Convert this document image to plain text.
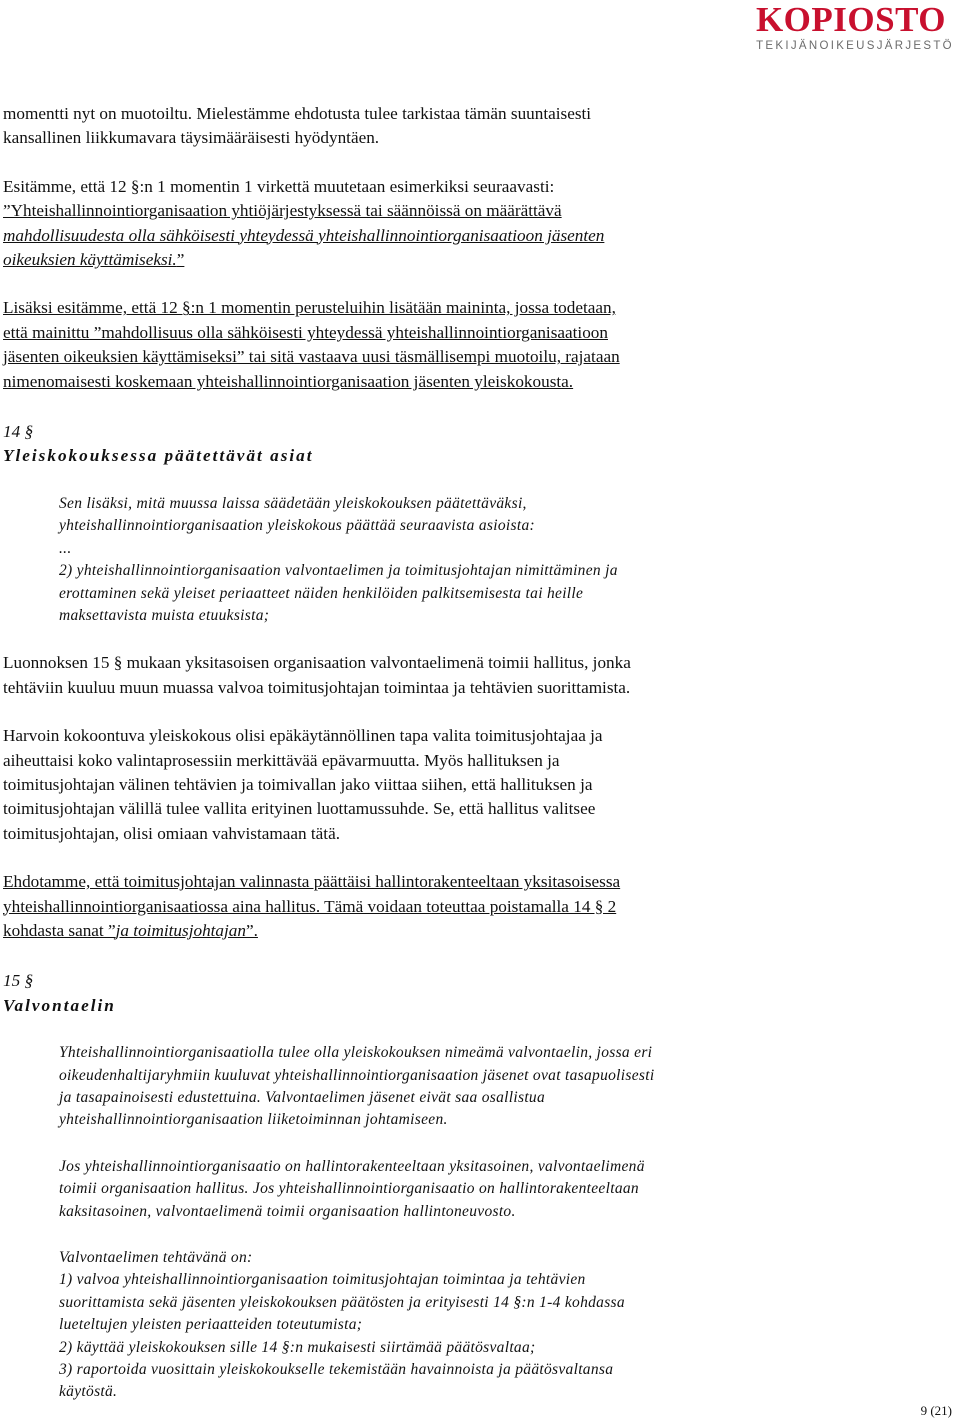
KOPIOSTO
TEKIJÄNOIKEUSJÄRJESTÖ

momentti nyt on muotoiltu. Mielestämme ehdotusta tulee tarkistaa tämän suuntaisesti

kansallinen liikkumavara täysimääräisesti hyödyntäen.

Esitämme, että 12 §:n 1 momentin 1 virkettä muutetaan esimerkiksi seuraavasti:

”Yhteishallinnointiorganisaation yhtiöjärjestyksessä tai säännöissä on määrättävä

mahdollisuudesta olla sähköisesti yhteydessä yhteishallinnointiorganisaatioon jäsenten

oikeuksien käyttämiseksi.”

Lisäksi esitämme, että 12 §:n 1 momentin perusteluihin lisätään maininta, jossa todetaan,

että mainittu ”mahdollisuus olla sähköisesti yhteydessä yhteishallinnointiorganisaatioon

jäsenten oikeuksien käyttämiseksi” tai sitä vastaava uusi täsmällisempi muotoilu, rajataan

nimenomaisesti koskemaan yhteishallinnointiorganisaation jäsenten yleiskokousta.

14 §

Yleiskokouksessa päätettävät asiat

Sen lisäksi, mitä muussa laissa säädetään yleiskokouksen päätettäväksi,

yhteishallinnointiorganisaation yleiskokous päättää seuraavista asioista:

...

2) yhteishallinnointiorganisaation valvontaelimen ja toimitusjohtajan nimittäminen ja

erottaminen sekä yleiset periaatteet näiden henkilöiden palkitsemisesta tai heille

maksettavista muista etuuksista;

Luonnoksen 15 § mukaan yksitasoisen organisaation valvontaelimenä toimii hallitus, jonka

tehtäviin kuuluu muun muassa valvoa toimitusjohtajan toimintaa ja tehtävien suorittamista.

Harvoin kokoontuva yleiskokous olisi epäkäytännöllinen tapa valita toimitusjohtajaa ja

aiheuttaisi koko valintaprosessiin merkittävää epävarmuutta. Myös hallituksen ja

toimitusjohtajan välinen tehtävien ja toimivallan jako viittaa siihen, että hallituksen ja

toimitusjohtajan välillä tulee vallita erityinen luottamussuhde. Se, että hallitus valitsee

toimitusjohtajan, olisi omiaan vahvistamaan tätä.

Ehdotamme, että toimitusjohtajan valinnasta päättäisi hallintorakenteeltaan yksitasoisessa

yhteishallinnointiorganisaatiossa aina hallitus. Tämä voidaan toteuttaa poistamalla 14 § 2

kohdasta sanat ”ja toimitusjohtajan”.

15 §

Valvontaelin

Yhteishallinnointiorganisaatiolla tulee olla yleiskokouksen nimeämä valvontaelin, jossa eri

oikeudenhaltijaryhmiin kuuluvat yhteishallinnointiorganisaation jäsenet ovat tasapuolisesti

ja tasapainoisesti edustettuina. Valvontaelimen jäsenet eivät saa osallistua

yhteishallinnointiorganisaation liiketoiminnan johtamiseen.

Jos yhteishallinnointiorganisaatio on hallintorakenteeltaan yksitasoinen, valvontaelimenä

toimii organisaation hallitus. Jos yhteishallinnointiorganisaatio on hallintorakenteeltaan

kaksitasoinen, valvontaelimenä toimii organisaation hallintoneuvosto.

Valvontaelimen tehtävänä on:

1) valvoa yhteishallinnointiorganisaation toimitusjohtajan toimintaa ja tehtävien

suorittamista sekä jäsenten yleiskokouksen päätösten ja erityisesti 14 §:n 1-4 kohdassa

lueteltujen yleisten periaatteiden toteutumista;

2) käyttää yleiskokouksen sille 14 §:n mukaisesti siirtämää päätösvaltaa;

3) raportoida vuosittain yleiskokoukselle tekemistään havainnoista ja päätösvaltansa

käytöstä.

9 (21)
